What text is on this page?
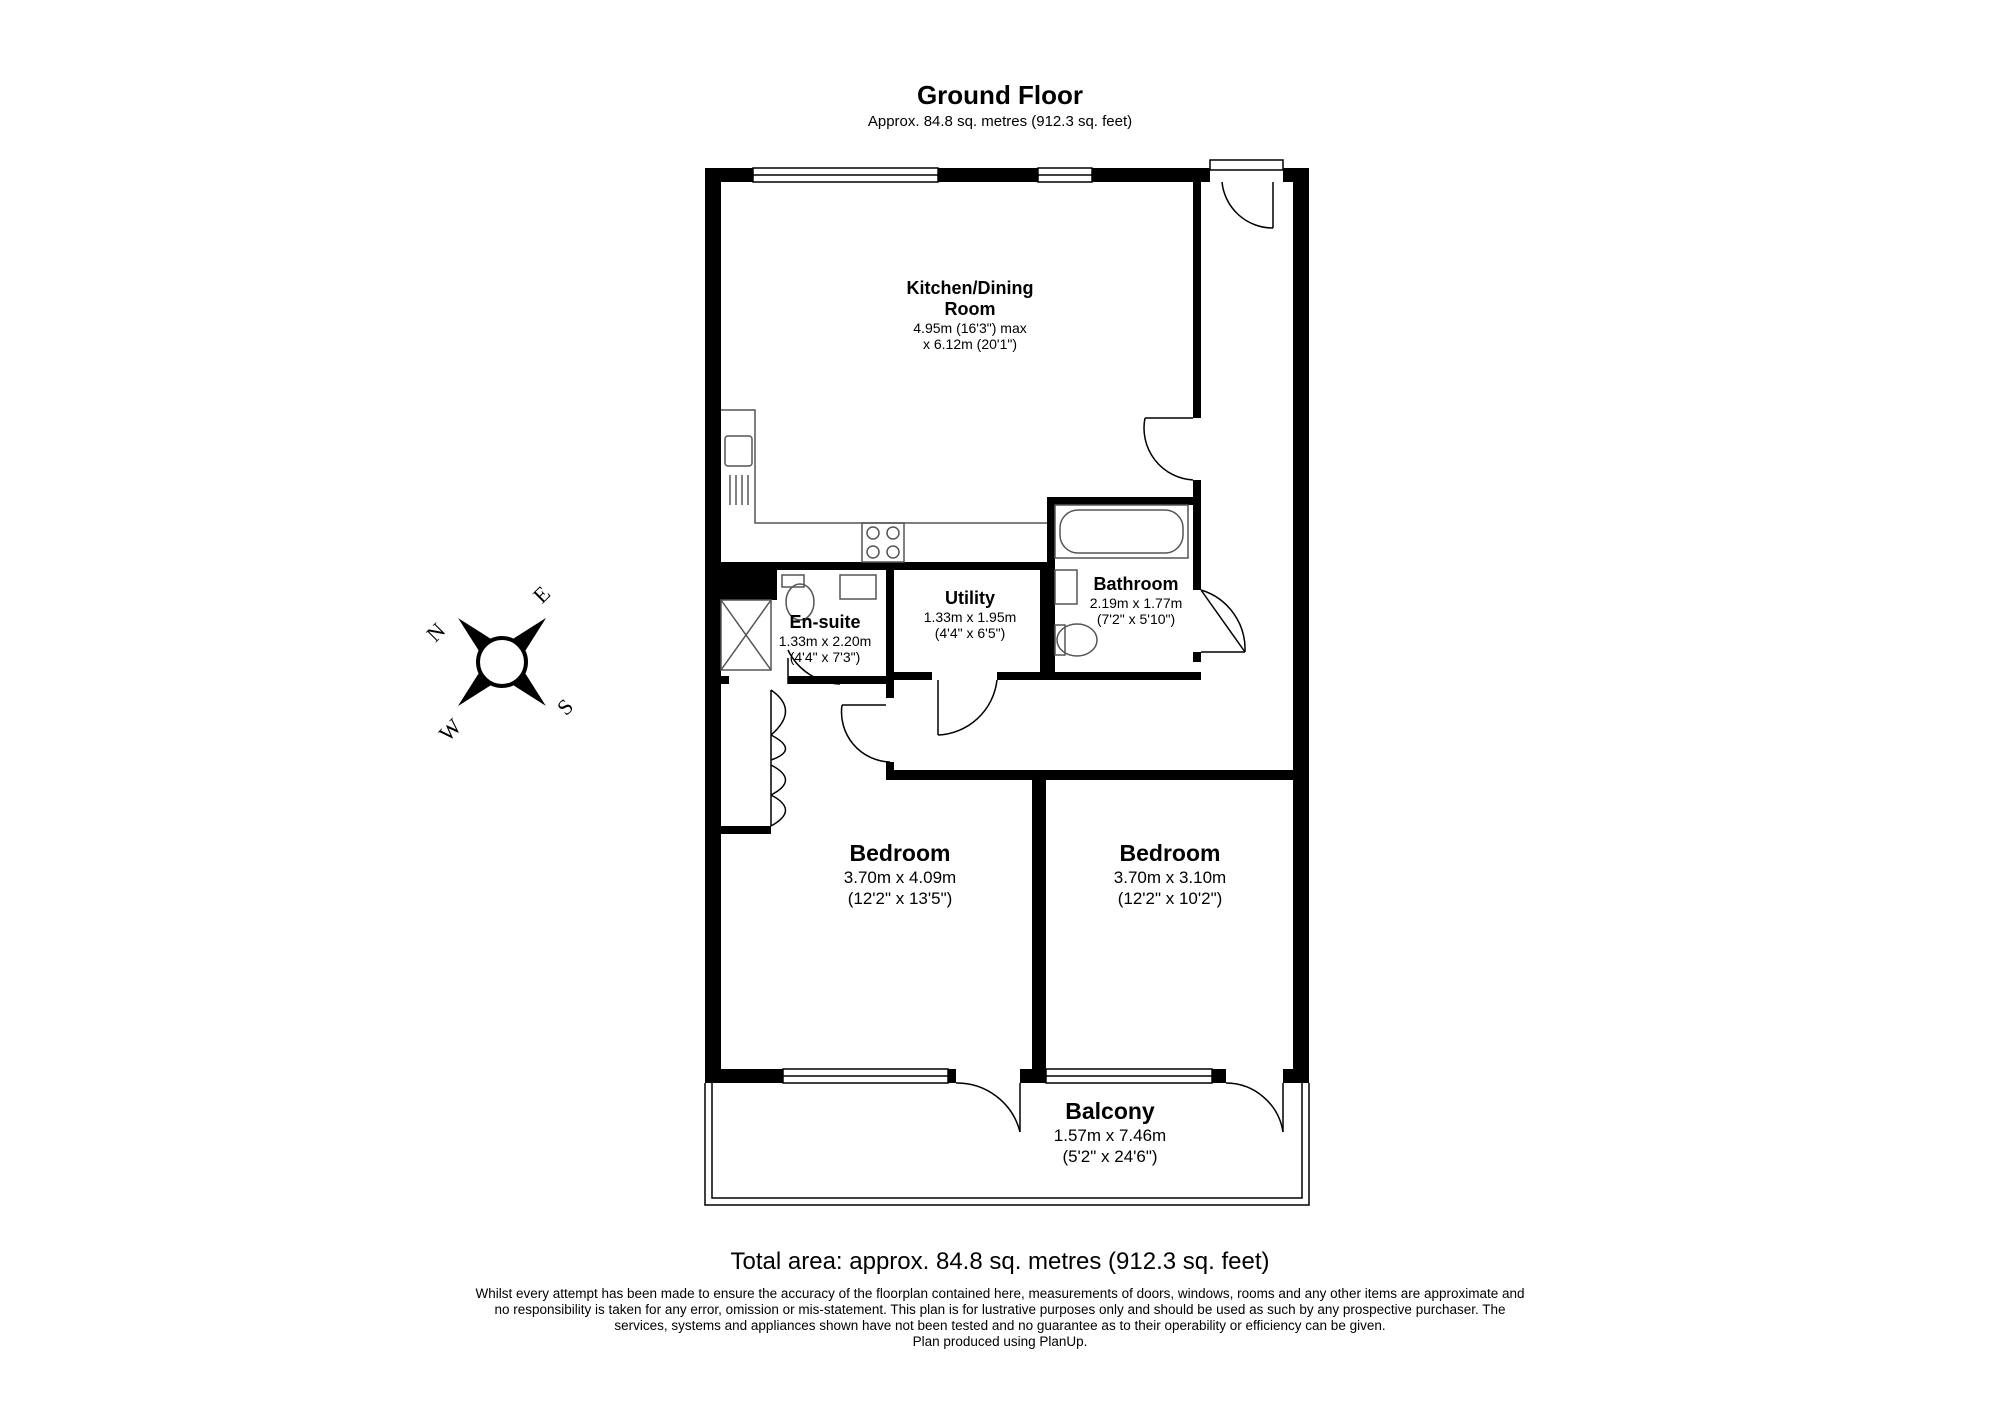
N
E
S
W
Ground Floor
Approx. 84.8 sq. metres (912.3 sq. feet)
Kitchen/Dining
Room
4.95m (16'3") max
x 6.12m (20'1")
Utility
1.33m x 1.95m
(4'4" x 6'5")
Bathroom
2.19m x 1.77m
(7'2" x 5'10")
En-suite
1.33m x 2.20m
(4'4" x 7'3")
Bedroom
3.70m x 4.09m
(12'2" x 13'5")
Bedroom
3.70m x 3.10m
(12'2" x 10'2")
Balcony
1.57m x 7.46m
(5'2" x 24'6")
Total area: approx. 84.8 sq. metres (912.3 sq. feet)
Whilst every attempt has been made to ensure the accuracy of the floorplan contained here, measurements of doors, windows, rooms and any other items are approximate and
no responsibility is taken for any error, omission or mis-statement. This plan is for lustrative purposes only and should be used as such by any prospective purchaser. The
services, systems and appliances shown have not been tested and no guarantee as to their operability or efficiency can be given.
Plan produced using PlanUp.
